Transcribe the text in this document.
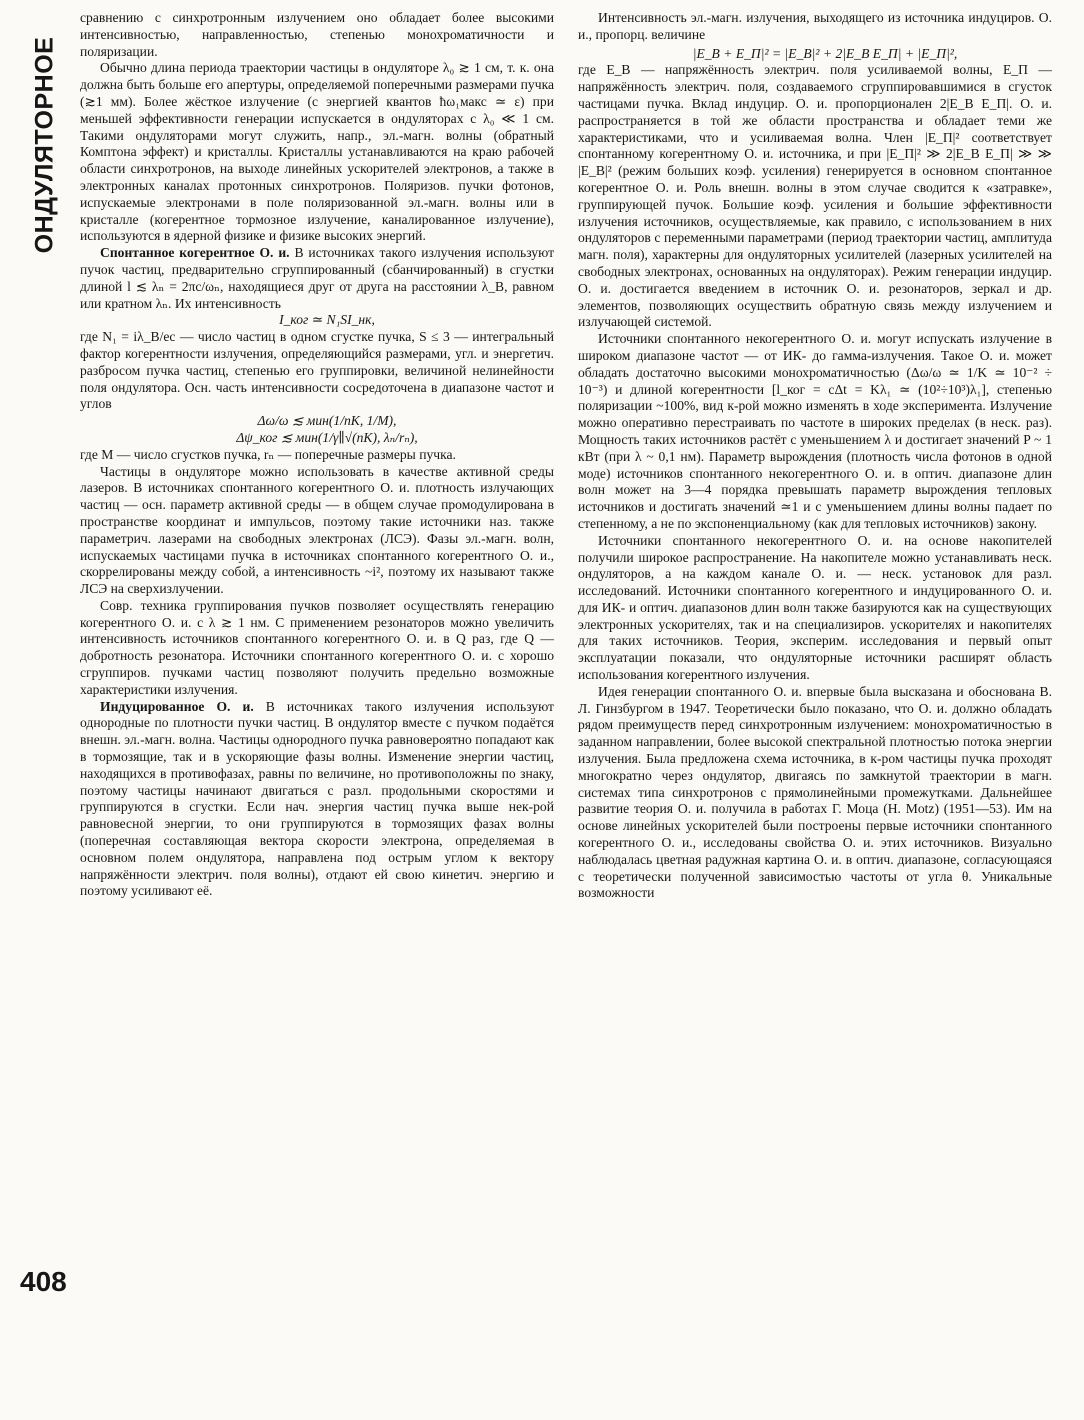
ОНДУЛЯТОРНОЕ
408

сравнению с синхротронным излучением оно обладает более высокими интенсивностью, направленностью, степенью монохроматичности и поляризации.

Обычно длина периода траектории частицы в ондуляторе λ₀ ≳ 1 см, т. к. она должна быть больше его апертуры, определяемой поперечными размерами пучка (≳1 мм). Более жёсткое излучение (с энергией квантов ħω₁макс ≃ ε) при меньшей эффективности генерации испускается в ондуляторах с λ₀ ≪ 1 см. Такими ондуляторами могут служить, напр., эл.-магн. волны (обратный Комптона эффект) и кристаллы. Кристаллы устанавливаются на краю рабочей области синхротронов, на выходе линейных ускорителей электронов, а также в электронных каналах протонных синхротронов. Поляризов. пучки фотонов, испускаемые электронами в поле поляризованной эл.-магн. волны или в кристалле (когерентное тормозное излучение, каналированное излучение), используются в ядерной физике и физике высоких энергий.

Спонтанное когерентное О. и. В источниках такого излучения используют пучок частиц, предварительно сгруппированный (сбанчированный) в сгустки длиной l ≲ λₙ = 2πc/ωₙ, находящиеся друг от друга на расстоянии λ_B, равном или кратном λₙ. Их интенсивность

I_ког ≃ N₁SI_нк,

где N₁ = iλ_B/ec — число частиц в одном сгустке пучка, S ≤ 3 — интегральный фактор когерентности излучения, определяющийся размерами, угл. и энергетич. разбросом пучка частиц, степенью его группировки, величиной нелинейности поля ондулятора. Осн. часть интенсивности сосредоточена в диапазоне частот и углов

Δω/ω ≲ мин(1/nK, 1/M),

Δψ_ког ≲ мин(1/γ∥√(nK), λₙ/rₙ),

где M — число сгустков пучка, rₙ — поперечные размеры пучка.

Частицы в ондуляторе можно использовать в качестве активной среды лазеров. В источниках спонтанного когерентного О. и. плотность излучающих частиц — осн. параметр активной среды — в общем случае промодулирована в пространстве координат и импульсов, поэтому такие источники наз. также параметрич. лазерами на свободных электронах (ЛСЭ). Фазы эл.-магн. волн, испускаемых частицами пучка в источниках спонтанного когерентного О. и., скоррелированы между собой, а интенсивность ~i², поэтому их называют также ЛСЭ на сверхизлучении.

Совр. техника группирования пучков позволяет осуществлять генерацию когерентного О. и. с λ ≳ 1 нм. С применением резонаторов можно увеличить интенсивность источников спонтанного когерентного О. и. в Q раз, где Q — добротность резонатора. Источники спонтанного когерентного О. и. с хорошо сгруппиров. пучками частиц позволяют получить предельно возможные характеристики излучения.

Индуцированное О. и. В источниках такого излучения используют однородные по плотности пучки частиц. В ондулятор вместе с пучком подаётся внешн. эл.-магн. волна. Частицы однородного пучка равновероятно попадают как в тормозящие, так и в ускоряющие фазы волны. Изменение энергии частиц, находящихся в противофазах, равны по величине, но противоположны по знаку, поэтому частицы начинают двигаться с разл. продольными скоростями и группируются в сгустки. Если нач. энергия частиц пучка выше нек-рой равновесной энергии, то они группируются в тормозящих фазах волны (поперечная составляющая вектора скорости электрона, определяемая в основном полем ондулятора, направлена под острым углом к вектору напряжённости электрич. поля волны), отдают ей свою кинетич. энергию и поэтому усиливают её.

Интенсивность эл.-магн. излучения, выходящего из источника индуциров. О. и., пропорц. величине

|E_B + E_П|² = |E_B|² + 2|E_B E_П| + |E_П|²,

где E_B — напряжённость электрич. поля усиливаемой волны, E_П — напряжённость электрич. поля, создаваемого сгруппировавшимися в сгусток частицами пучка. Вклад индуцир. О. и. пропорционален 2|E_B E_П|. О. и. распространяется в той же области пространства и обладает теми же характеристиками, что и усиливаемая волна. Член |E_П|² соответствует спонтанному когерентному О. и. источника, и при |E_П|² ≫ 2|E_B E_П| ≫ ≫ |E_B|² (режим больших коэф. усиления) генерируется в основном спонтанное когерентное О. и. Роль внешн. волны в этом случае сводится к «затравке», группирующей пучок. Большие коэф. усиления и большие эффективности излучения источников, осуществляемые, как правило, с использованием в них ондуляторов с переменными параметрами (период траектории частиц, амплитуда магн. поля), характерны для ондуляторных усилителей (лазерных усилителей на свободных электронах, основанных на ондуляторах). Режим генерации индуцир. О. и. достигается введением в источник О. и. резонаторов, зеркал и др. элементов, позволяющих осуществить обратную связь между излучением и излучающей системой.

Источники спонтанного некогерентного О. и. могут испускать излучение в широком диапазоне частот — от ИК- до гамма-излучения. Такое О. и. может обладать достаточно высокими монохроматичностью (Δω/ω ≃ 1/K ≃ 10⁻² ÷ 10⁻³) и длиной когерентности [l_ког = cΔt = Kλ₁ ≃ (10²÷10³)λ₁], степенью поляризации ~100%, вид к-рой можно изменять в ходе эксперимента. Излучение можно оперативно перестраивать по частоте в широких пределах (в неск. раз). Мощность таких источников растёт с уменьшением λ и достигает значений P ~ 1 кВт (при λ ~ 0,1 нм). Параметр вырождения (плотность числа фотонов в одной моде) источников спонтанного некогерентного О. и. в оптич. диапазоне длин волн может на 3—4 порядка превышать параметр вырождения тепловых источников и достигать значений ≃1 и с уменьшением длины волны падает по степенному, а не по экспоненциальному (как для тепловых источников) закону.

Источники спонтанного некогерентного О. и. на основе накопителей получили широкое распространение. На накопителе можно устанавливать неск. ондуляторов, а на каждом канале О. и. — неск. установок для разл. исследований. Источники спонтанного когерентного и индуцированного О. и. для ИК- и оптич. диапазонов длин волн также базируются как на существующих электронных ускорителях, так и на специализиров. ускорителях и накопителях для таких источников. Теория, эксперим. исследования и первый опыт эксплуатации показали, что ондуляторные источники расширят область использования когерентного излучения.

Идея генерации спонтанного О. и. впервые была высказана и обоснована В. Л. Гинзбургом в 1947. Теоретически было показано, что О. и. должно обладать рядом преимуществ перед синхротронным излучением: монохроматичностью в заданном направлении, более высокой спектральной плотностью потока энергии излучения. Была предложена схема источника, в к-ром частицы пучка проходят многократно через ондулятор, двигаясь по замкнутой траектории в магн. системах типа синхротронов с прямолинейными промежутками. Дальнейшее развитие теория О. и. получила в работах Г. Моца (H. Motz) (1951—53). Им на основе линейных ускорителей были построены первые источники спонтанного когерентного О. и., исследованы свойства О. и. этих источников. Визуально наблюдалась цветная радужная картина О. и. в оптич. диапазоне, согласующаяся с теоретически полученной зависимостью частоты от угла θ. Уникальные возможности
